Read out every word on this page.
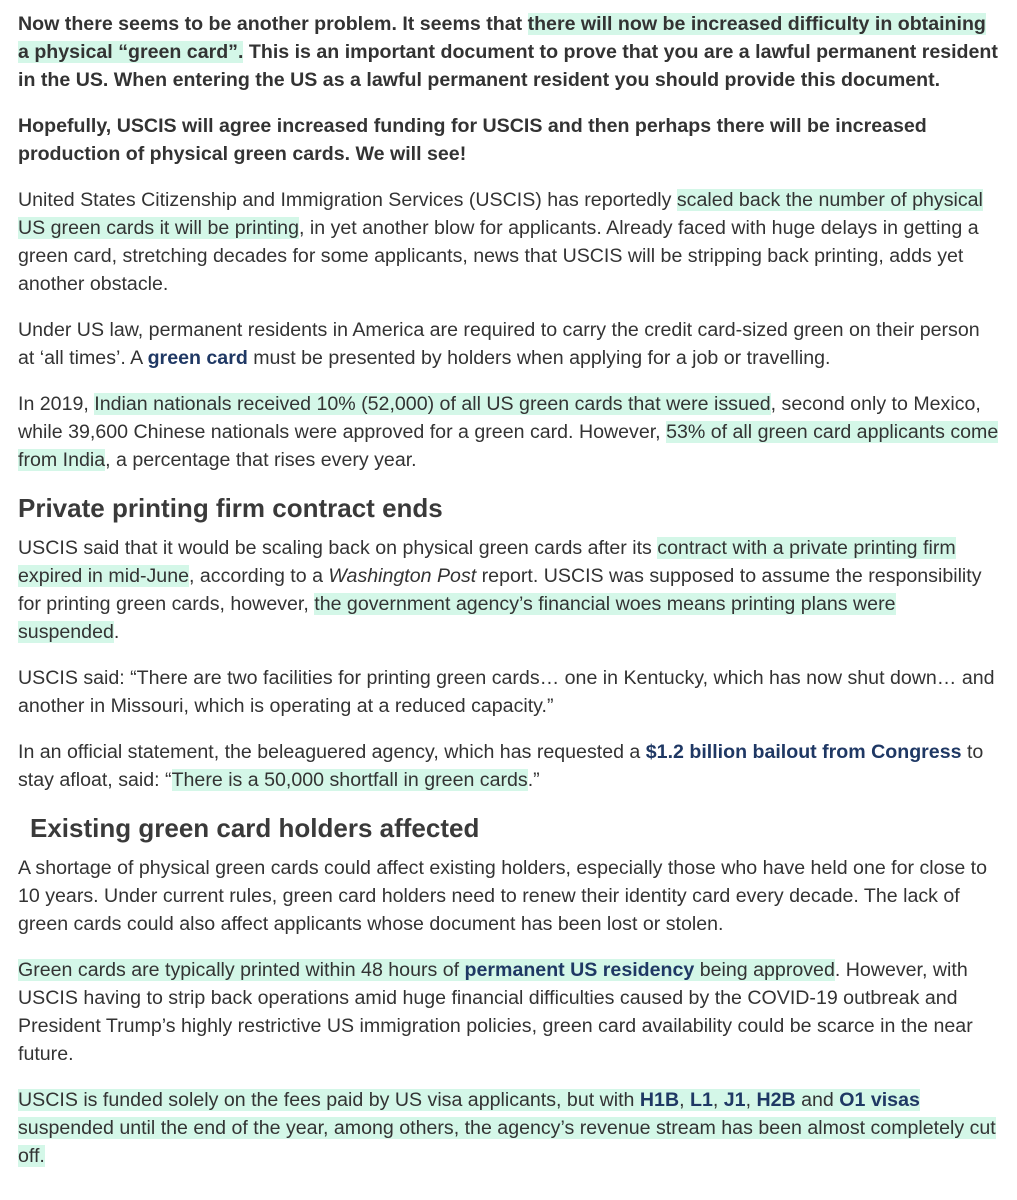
Now there seems to be another problem. It seems that there will now be increased difficulty in obtaining a physical “green card”. This is an important document to prove that you are a lawful permanent resident in the US. When entering the US as a lawful permanent resident you should provide this document.

Hopefully, USCIS will agree increased funding for USCIS and then perhaps there will be increased production of physical green cards. We will see!

United States Citizenship and Immigration Services (USCIS) has reportedly scaled back the number of physical US green cards it will be printing, in yet another blow for applicants. Already faced with huge delays in getting a green card, stretching decades for some applicants, news that USCIS will be stripping back printing, adds yet another obstacle.

Under US law, permanent residents in America are required to carry the credit card-sized green on their person at ‘all times’. A green card must be presented by holders when applying for a job or travelling.

In 2019, Indian nationals received 10% (52,000) of all US green cards that were issued, second only to Mexico, while 39,600 Chinese nationals were approved for a green card. However, 53% of all green card applicants come from India, a percentage that rises every year.

Private printing firm contract ends

USCIS said that it would be scaling back on physical green cards after its contract with a private printing firm expired in mid-June, according to a Washington Post report. USCIS was supposed to assume the responsibility for printing green cards, however, the government agency’s financial woes means printing plans were suspended.

USCIS said: “There are two facilities for printing green cards… one in Kentucky, which has now shut down… and another in Missouri, which is operating at a reduced capacity.”

In an official statement, the beleaguered agency, which has requested a $1.2 billion bailout from Congress to stay afloat, said: “There is a 50,000 shortfall in green cards.”

Existing green card holders affected

A shortage of physical green cards could affect existing holders, especially those who have held one for close to 10 years. Under current rules, green card holders need to renew their identity card every decade. The lack of green cards could also affect applicants whose document has been lost or stolen.

Green cards are typically printed within 48 hours of permanent US residency being approved. However, with USCIS having to strip back operations amid huge financial difficulties caused by the COVID-19 outbreak and President Trump’s highly restrictive US immigration policies, green card availability could be scarce in the near future.

USCIS is funded solely on the fees paid by US visa applicants, but with H1B, L1, J1, H2B and O1 visas suspended until the end of the year, among others, the agency’s revenue stream has been almost completely cut off.
